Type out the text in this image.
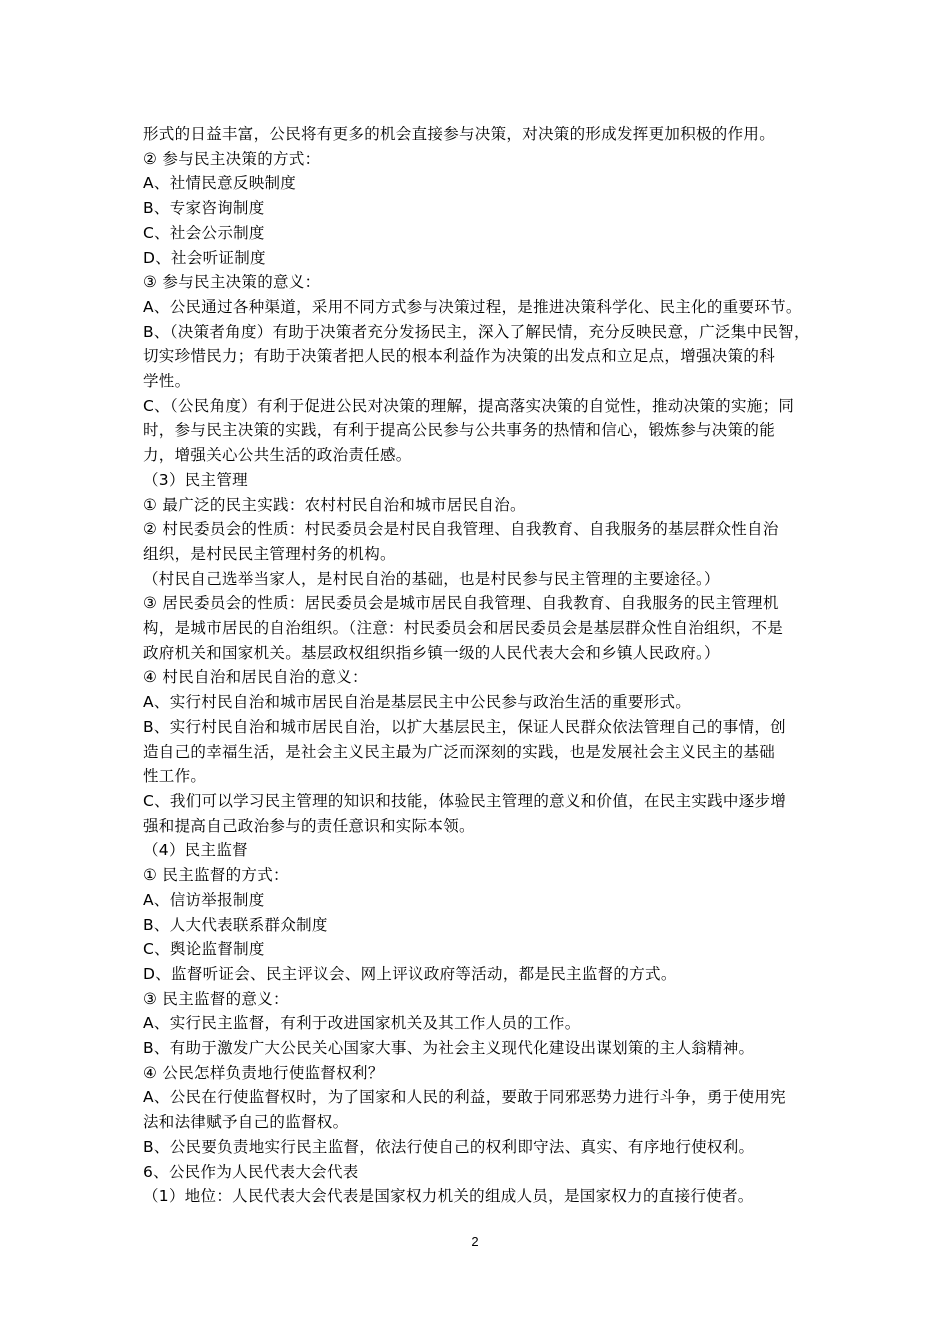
形式的日益丰富，公民将有更多的机会直接参与决策，对决策的形成发挥更加积极的作用。
② 参与民主决策的方式：
A、社情民意反映制度
B、专家咨询制度
C、社会公示制度
D、社会听证制度
③ 参与民主决策的意义：
A、公民通过各种渠道，采用不同方式参与决策过程，是推进决策科学化、民主化的重要环节。
B、（决策者角度）有助于决策者充分发扬民主，深入了解民情，充分反映民意，广泛集中民智，
切实珍惜民力；有助于决策者把人民的根本利益作为决策的出发点和立足点，增强决策的科
学性。
C、（公民角度）有利于促进公民对决策的理解，提高落实决策的自觉性，推动决策的实施；同
时，参与民主决策的实践，有利于提高公民参与公共事务的热情和信心，锻炼参与决策的能
力，增强关心公共生活的政治责任感。
（3）民主管理
① 最广泛的民主实践：农村村民自治和城市居民自治。
② 村民委员会的性质：村民委员会是村民自我管理、自我教育、自我服务的基层群众性自治
组织，是村民民主管理村务的机构。
（村民自己选举当家人，是村民自治的基础，也是村民参与民主管理的主要途径。）
③ 居民委员会的性质：居民委员会是城市居民自我管理、自我教育、自我服务的民主管理机
构，是城市居民的自治组织。（注意：村民委员会和居民委员会是基层群众性自治组织，不是
政府机关和国家机关。基层政权组织指乡镇一级的人民代表大会和乡镇人民政府。）
④ 村民自治和居民自治的意义：
A、实行村民自治和城市居民自治是基层民主中公民参与政治生活的重要形式。
B、实行村民自治和城市居民自治，以扩大基层民主，保证人民群众依法管理自己的事情，创
造自己的幸福生活，是社会主义民主最为广泛而深刻的实践，也是发展社会主义民主的基础
性工作。
C、我们可以学习民主管理的知识和技能，体验民主管理的意义和价值，在民主实践中逐步增
强和提高自己政治参与的责任意识和实际本领。
（4）民主监督
① 民主监督的方式：
A、信访举报制度
B、人大代表联系群众制度
C、舆论监督制度
D、监督听证会、民主评议会、网上评议政府等活动，都是民主监督的方式。
③ 民主监督的意义：
A、实行民主监督，有利于改进国家机关及其工作人员的工作。
B、有助于激发广大公民关心国家大事、为社会主义现代化建设出谋划策的主人翁精神。
④ 公民怎样负责地行使监督权利？
A、公民在行使监督权时，为了国家和人民的利益，要敢于同邪恶势力进行斗争，勇于使用宪
法和法律赋予自己的监督权。
B、公民要负责地实行民主监督，依法行使自己的权利即守法、真实、有序地行使权利。
6、公民作为人民代表大会代表
（1）地位：人民代表大会代表是国家权力机关的组成人员，是国家权力的直接行使者。
2
